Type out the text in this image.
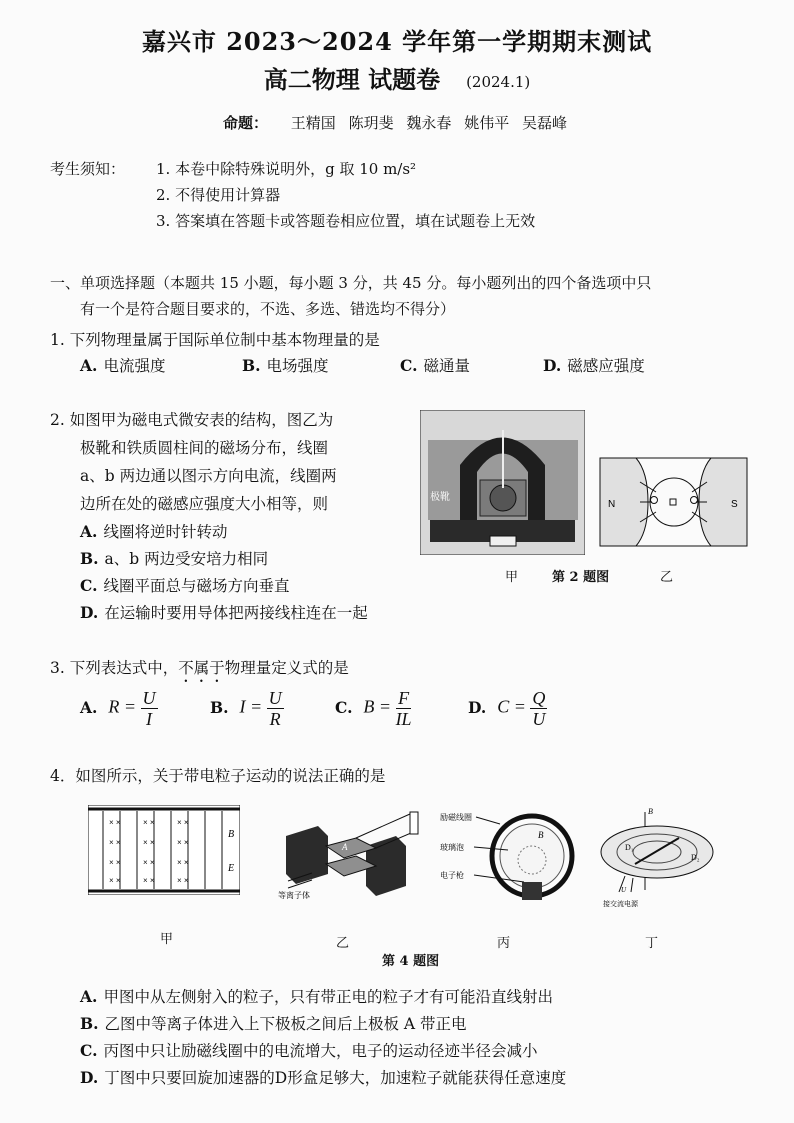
嘉兴市 2023～2024 学年第一学期期末测试
高二物理 试题卷 (2024.1)
命题： 王精国 陈玥斐 魏永春 姚伟平 吴磊峰
考生须知： 1. 本卷中除特殊说明外，g 取 10 m/s²
2. 不得使用计算器
3. 答案填在答题卡或答题卷相应位置，填在试题卷上无效
一、单项选择题（本题共 15 小题，每小题 3 分，共 45 分。每小题列出的四个备选项中只
有一个是符合题目要求的，不选、多选、错选均不得分）
1. 下列物理量属于国际单位制中基本物理量的是
A. 电流强度	B. 电场强度	C. 磁通量	D. 磁感应强度
2. 如图甲为磁电式微安表的结构，图乙为
极靴和铁质圆柱间的磁场分布，线圈
a、b 两边通以图示方向电流，线圈两
边所在处的磁感应强度大小相等，则
A. 线圈将逆时针转动
B. a、b 两边受安培力相同
C. 线圈平面总与磁场方向垂直
D. 在运输时要用导体把两接线柱连在一起
极靴
N	S
甲	第 2 题图	乙
3. 下列表达式中，不属于物理量定义式的是
A. $R = \frac{U}{I}$	B. $I = \frac{U}{R}$	C. $B = \frac{F}{IL}$	D. $C = \frac{Q}{U}$
4．如图所示，关于带电粒子运动的说法正确的是
× ×	× ×	× ×
× ×	× ×	× ×
× ×	× ×	× ×
× ×	× ×	× ×
B
E
A
等离子体
励磁线圈
玻璃泡
电子枪
B
B
D₁
D₂
U
接交流电源
甲	乙	丙	丁
第 4 题图
A. 甲图中从左侧射入的粒子，只有带正电的粒子才有可能沿直线射出
B. 乙图中等离子体进入上下极板之间后上极板 A 带正电
C. 丙图中只让励磁线圈中的电流增大，电子的运动径迹半径会减小
D. 丁图中只要回旋加速器的D形盒足够大，加速粒子就能获得任意速度
